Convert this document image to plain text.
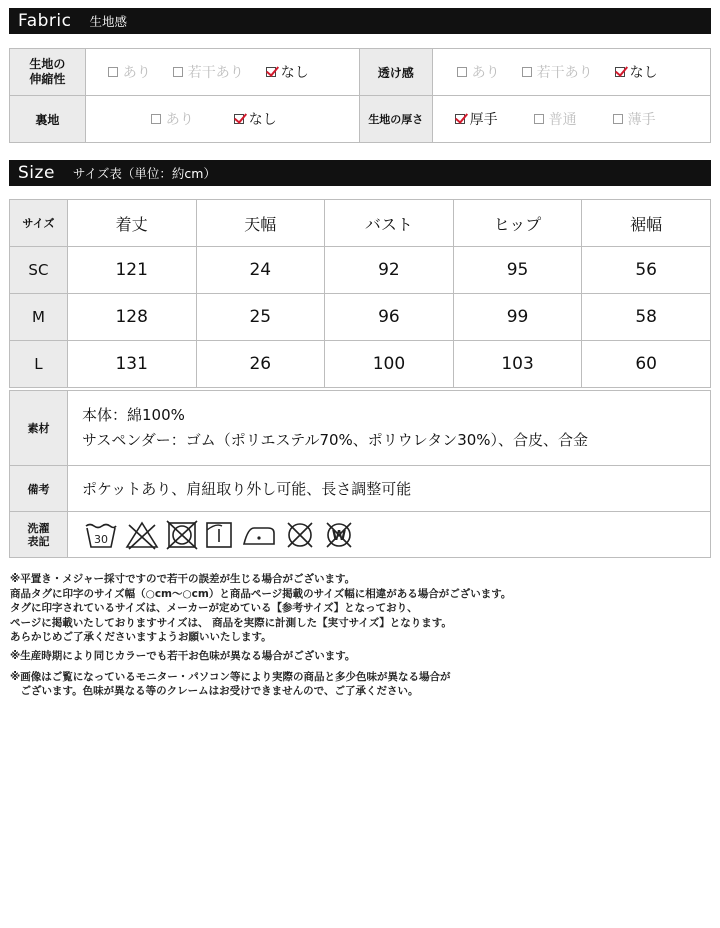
Fabric 生地感
生地の伸縮性	あり 若干あり なし	透け感	あり 若干あり なし

裏地	あり なし	生地の厚さ	厚手 普通 薄手
Size サイズ表（単位：約cm）
サイズ	着丈	天幅	バスト	ヒップ	裾幅
SC	121	24	92	95	56
M	128	25	96	99	58
L	131	26	100	103	60
素材	本体：綿100%
サスペンダー：ゴム（ポリエステル70%、ポリウレタン30%）、合皮、合金

備考	ポケットあり、肩紐取り外し可能、長さ調整可能
洗濯表記	30 W
※平置き・メジャー採寸ですので若干の誤差が生じる場合がございます。
商品タグに印字のサイズ幅（○cm〜○cm）と商品ページ掲載のサイズ幅に相違がある場合がございます。
タグに印字されているサイズは、メーカーが定めている【参考サイズ】となっており、
ページに掲載いたしておりますサイズは、 商品を実際に計測した【実寸サイズ】となります。
あらかじめご了承くださいますようお願いいたします。
※生産時期により同じカラーでも若干お色味が異なる場合がございます。
※画像はご覧になっているモニター・パソコン等により実際の商品と多少色味が異なる場合が
　ございます。色味が異なる等のクレームはお受けできませんので、ご了承ください。
